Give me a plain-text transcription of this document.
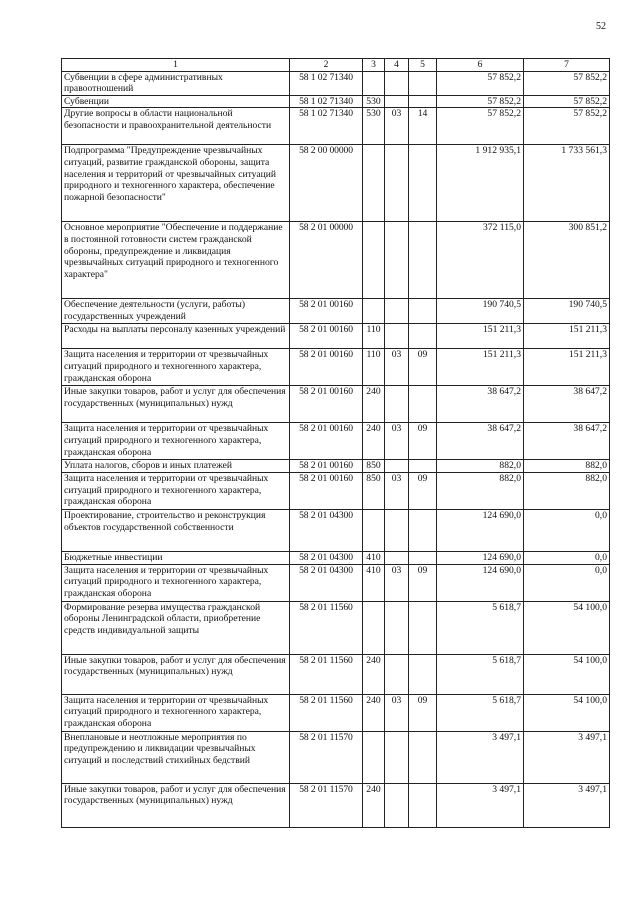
52
1	2	3	4	5	6	7
Субвенции в сфере административных правоотношений	58 1 02 71340				57 852,2	57 852,2
Субвенции	58 1 02 71340	530			57 852,2	57 852,2
Другие вопросы в области национальной безопасности и правоохранительной деятельности	58 1 02 71340	530	03	14	57 852,2	57 852,2
Подпрограмма "Предупреждение чрезвычайных ситуаций, развитие гражданской обороны, защита населения и территорий от чрезвычайных ситуаций природного и техногенного характера, обеспечение пожарной безопасности"	58 2 00 00000				1 912 935,1	1 733 561,3
Основное мероприятие "Обеспечение и поддержание в постоянной готовности систем гражданской обороны, предупреждение и ликвидация чрезвычайных ситуаций природного и техногенного характера"	58 2 01 00000				372 115,0	300 851,2
Обеспечение деятельности (услуги, работы) государственных учреждений	58 2 01 00160				190 740,5	190 740,5
Расходы на выплаты персоналу казенных учреждений	58 2 01 00160	110			151 211,3	151 211,3
Защита населения и территории от чрезвычайных ситуаций природного и техногенного характера, гражданская оборона	58 2 01 00160	110	03	09	151 211,3	151 211,3
Иные закупки товаров, работ и услуг для обеспечения государственных (муниципальных) нужд	58 2 01 00160	240			38 647,2	38 647,2
Защита населения и территории от чрезвычайных ситуаций природного и техногенного характера, гражданская оборона	58 2 01 00160	240	03	09	38 647,2	38 647,2
Уплата налогов, сборов и иных платежей	58 2 01 00160	850			882,0	882,0
Защита населения и территории от чрезвычайных ситуаций природного и техногенного характера, гражданская оборона	58 2 01 00160	850	03	09	882,0	882,0
Проектирование, строительство и реконструкция объектов государственной собственности	58 2 01 04300				124 690,0	0,0
Бюджетные инвестиции	58 2 01 04300	410			124 690,0	0,0
Защита населения и территории от чрезвычайных ситуаций природного и техногенного характера, гражданская оборона	58 2 01 04300	410	03	09	124 690,0	0,0
Формирование резерва имущества гражданской обороны Ленинградской области, приобретение средств индивидуальной защиты	58 2 01 11560				5 618,7	54 100,0
Иные закупки товаров, работ и услуг для обеспечения государственных (муниципальных) нужд	58 2 01 11560	240			5 618,7	54 100,0
Защита населения и территории от чрезвычайных ситуаций природного и техногенного характера, гражданская оборона	58 2 01 11560	240	03	09	5 618,7	54 100,0
Внеплановые и неотложные мероприятия по предупреждению и ликвидации чрезвычайных ситуаций и последствий стихийных бедствий	58 2 01 11570				3 497,1	3 497,1
Иные закупки товаров, работ и услуг для обеспечения государственных (муниципальных) нужд	58 2 01 11570	240			3 497,1	3 497,1
